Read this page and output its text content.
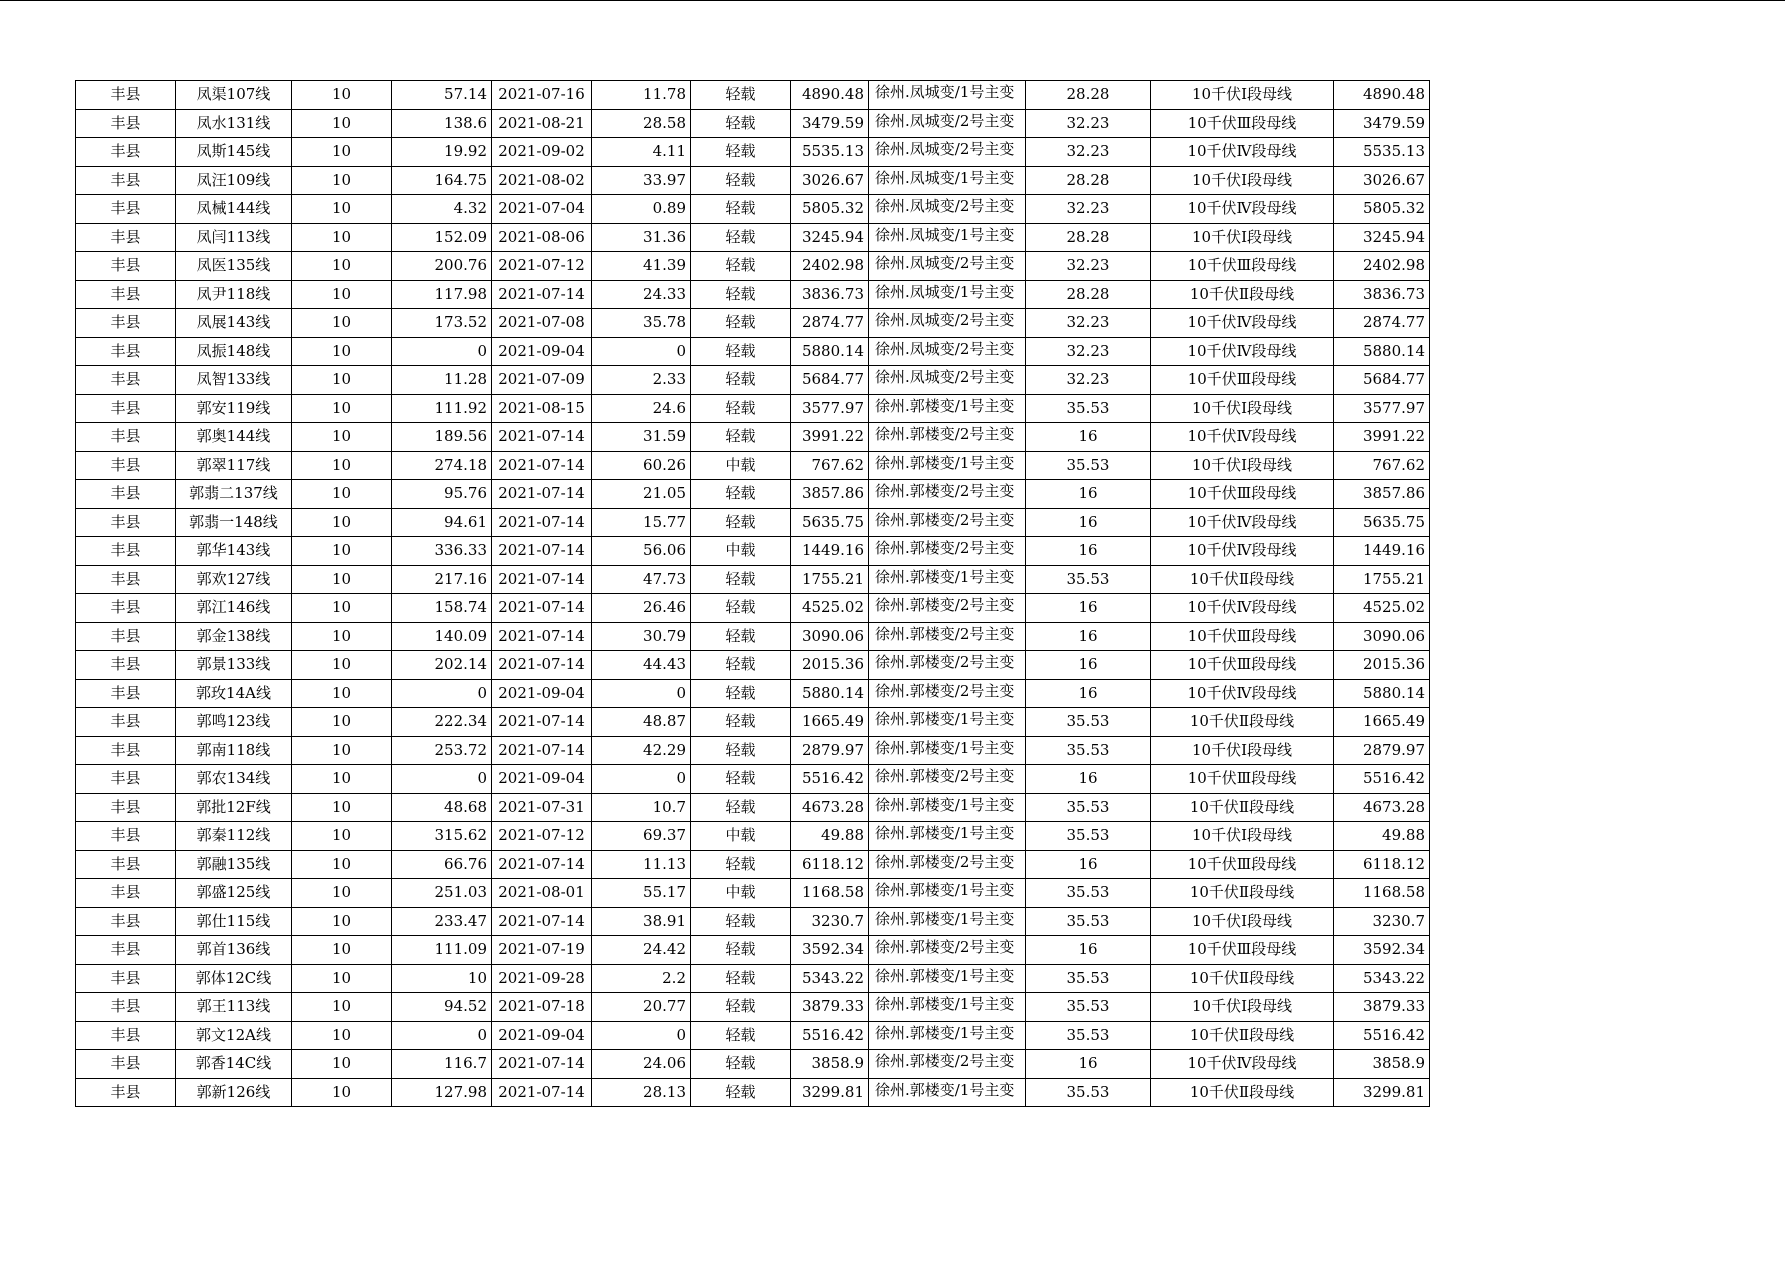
丰县	凤渠107线	10	57.14	2021-07-16	11.78	轻载	4890.48	徐州.凤城变/1号主变	28.28	10千伏Ⅰ段母线	4890.48
丰县	凤水131线	10	138.6	2021-08-21	28.58	轻载	3479.59	徐州.凤城变/2号主变	32.23	10千伏Ⅲ段母线	3479.59
丰县	凤斯145线	10	19.92	2021-09-02	4.11	轻载	5535.13	徐州.凤城变/2号主变	32.23	10千伏Ⅳ段母线	5535.13
丰县	凤汪109线	10	164.75	2021-08-02	33.97	轻载	3026.67	徐州.凤城变/1号主变	28.28	10千伏Ⅰ段母线	3026.67
丰县	凤械144线	10	4.32	2021-07-04	0.89	轻载	5805.32	徐州.凤城变/2号主变	32.23	10千伏Ⅳ段母线	5805.32
丰县	凤闫113线	10	152.09	2021-08-06	31.36	轻载	3245.94	徐州.凤城变/1号主变	28.28	10千伏Ⅰ段母线	3245.94
丰县	凤医135线	10	200.76	2021-07-12	41.39	轻载	2402.98	徐州.凤城变/2号主变	32.23	10千伏Ⅲ段母线	2402.98
丰县	凤尹118线	10	117.98	2021-07-14	24.33	轻载	3836.73	徐州.凤城变/1号主变	28.28	10千伏Ⅱ段母线	3836.73
丰县	凤展143线	10	173.52	2021-07-08	35.78	轻载	2874.77	徐州.凤城变/2号主变	32.23	10千伏Ⅳ段母线	2874.77
丰县	凤振148线	10	0	2021-09-04	0	轻载	5880.14	徐州.凤城变/2号主变	32.23	10千伏Ⅳ段母线	5880.14
丰县	凤智133线	10	11.28	2021-07-09	2.33	轻载	5684.77	徐州.凤城变/2号主变	32.23	10千伏Ⅲ段母线	5684.77
丰县	郭安119线	10	111.92	2021-08-15	24.6	轻载	3577.97	徐州.郭楼变/1号主变	35.53	10千伏Ⅰ段母线	3577.97
丰县	郭奥144线	10	189.56	2021-07-14	31.59	轻载	3991.22	徐州.郭楼变/2号主变	16	10千伏Ⅳ段母线	3991.22
丰县	郭翠117线	10	274.18	2021-07-14	60.26	中载	767.62	徐州.郭楼变/1号主变	35.53	10千伏Ⅰ段母线	767.62
丰县	郭翡二137线	10	95.76	2021-07-14	21.05	轻载	3857.86	徐州.郭楼变/2号主变	16	10千伏Ⅲ段母线	3857.86
丰县	郭翡一148线	10	94.61	2021-07-14	15.77	轻载	5635.75	徐州.郭楼变/2号主变	16	10千伏Ⅳ段母线	5635.75
丰县	郭华143线	10	336.33	2021-07-14	56.06	中载	1449.16	徐州.郭楼变/2号主变	16	10千伏Ⅳ段母线	1449.16
丰县	郭欢127线	10	217.16	2021-07-14	47.73	轻载	1755.21	徐州.郭楼变/1号主变	35.53	10千伏Ⅱ段母线	1755.21
丰县	郭江146线	10	158.74	2021-07-14	26.46	轻载	4525.02	徐州.郭楼变/2号主变	16	10千伏Ⅳ段母线	4525.02
丰县	郭金138线	10	140.09	2021-07-14	30.79	轻载	3090.06	徐州.郭楼变/2号主变	16	10千伏Ⅲ段母线	3090.06
丰县	郭景133线	10	202.14	2021-07-14	44.43	轻载	2015.36	徐州.郭楼变/2号主变	16	10千伏Ⅲ段母线	2015.36
丰县	郭玫14A线	10	0	2021-09-04	0	轻载	5880.14	徐州.郭楼变/2号主变	16	10千伏Ⅳ段母线	5880.14
丰县	郭鸣123线	10	222.34	2021-07-14	48.87	轻载	1665.49	徐州.郭楼变/1号主变	35.53	10千伏Ⅱ段母线	1665.49
丰县	郭南118线	10	253.72	2021-07-14	42.29	轻载	2879.97	徐州.郭楼变/1号主变	35.53	10千伏Ⅰ段母线	2879.97
丰县	郭农134线	10	0	2021-09-04	0	轻载	5516.42	徐州.郭楼变/2号主变	16	10千伏Ⅲ段母线	5516.42
丰县	郭批12F线	10	48.68	2021-07-31	10.7	轻载	4673.28	徐州.郭楼变/1号主变	35.53	10千伏Ⅱ段母线	4673.28
丰县	郭秦112线	10	315.62	2021-07-12	69.37	中载	49.88	徐州.郭楼变/1号主变	35.53	10千伏Ⅰ段母线	49.88
丰县	郭融135线	10	66.76	2021-07-14	11.13	轻载	6118.12	徐州.郭楼变/2号主变	16	10千伏Ⅲ段母线	6118.12
丰县	郭盛125线	10	251.03	2021-08-01	55.17	中载	1168.58	徐州.郭楼变/1号主变	35.53	10千伏Ⅱ段母线	1168.58
丰县	郭仕115线	10	233.47	2021-07-14	38.91	轻载	3230.7	徐州.郭楼变/1号主变	35.53	10千伏Ⅰ段母线	3230.7
丰县	郭首136线	10	111.09	2021-07-19	24.42	轻载	3592.34	徐州.郭楼变/2号主变	16	10千伏Ⅲ段母线	3592.34
丰县	郭体12C线	10	10	2021-09-28	2.2	轻载	5343.22	徐州.郭楼变/1号主变	35.53	10千伏Ⅱ段母线	5343.22
丰县	郭王113线	10	94.52	2021-07-18	20.77	轻载	3879.33	徐州.郭楼变/1号主变	35.53	10千伏Ⅰ段母线	3879.33
丰县	郭文12A线	10	0	2021-09-04	0	轻载	5516.42	徐州.郭楼变/1号主变	35.53	10千伏Ⅱ段母线	5516.42
丰县	郭香14C线	10	116.7	2021-07-14	24.06	轻载	3858.9	徐州.郭楼变/2号主变	16	10千伏Ⅳ段母线	3858.9
丰县	郭新126线	10	127.98	2021-07-14	28.13	轻载	3299.81	徐州.郭楼变/1号主变	35.53	10千伏Ⅱ段母线	3299.81
